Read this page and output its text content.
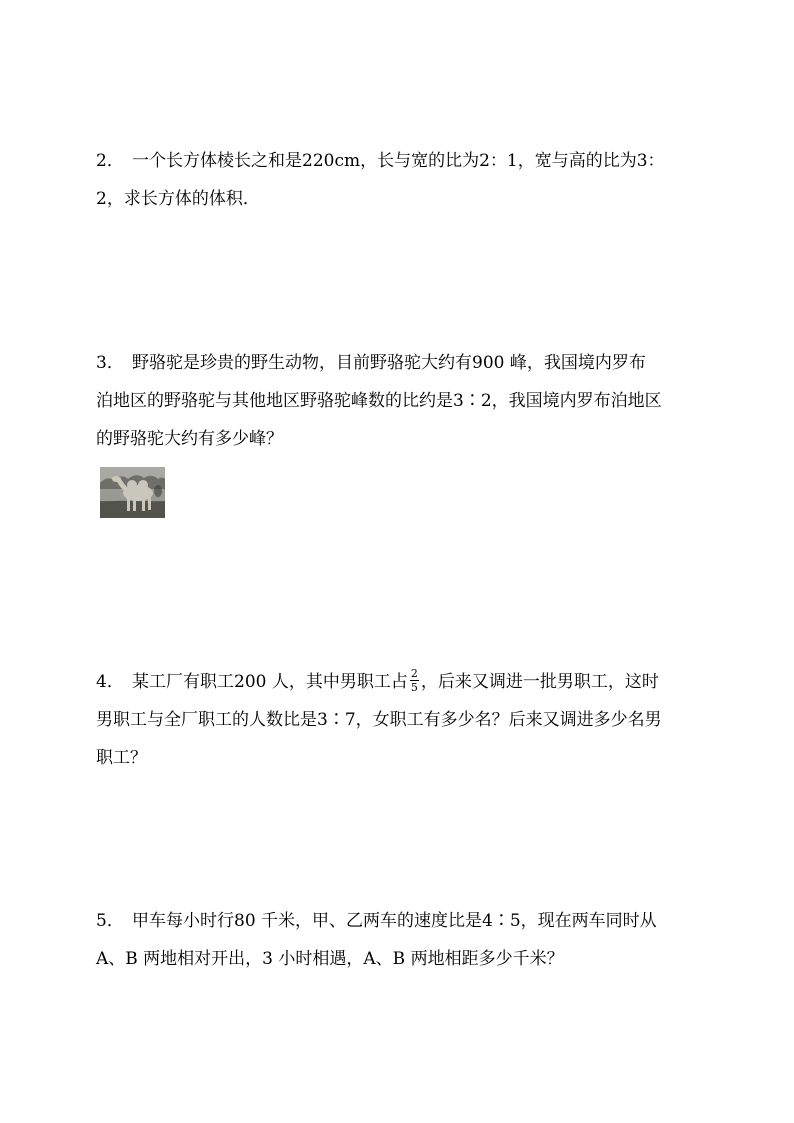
2． 一个长方体棱长之和是220cm，长与宽的比为2：1，宽与高的比为3：
2，求长方体的体积．
3． 野骆驼是珍贵的野生动物，目前野骆驼大约有900 峰，我国境内罗布
泊地区的野骆驼与其他地区野骆驼峰数的比约是3∶2，我国境内罗布泊地区
的野骆驼大约有多少峰？
4． 某工厂有职工200 人，其中男职工占 $\frac{2}{5}$ ，后来又调进一批男职工，这时
男职工与全厂职工的人数比是3∶7，女职工有多少名？后来又调进多少名男
职工？
5． 甲车每小时行80 千米，甲、乙两车的速度比是4∶5，现在两车同时从
A、B 两地相对开出，3 小时相遇，A、B 两地相距多少千米？
